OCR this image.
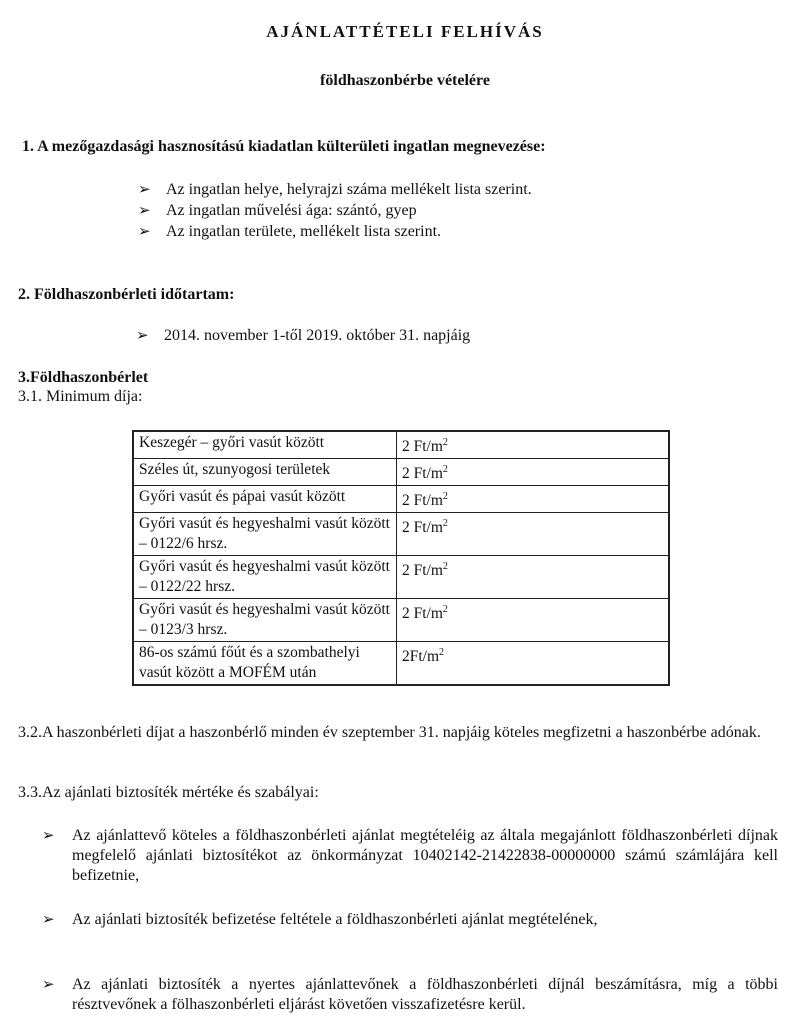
AJÁNLATTÉTELI FELHÍVÁS
földhaszonbérbe vételére
1. A mezőgazdasági hasznosítású kiadatlan külterületi ingatlan megnevezése:
➢ Az ingatlan helye, helyrajzi száma mellékelt lista szerint.
➢ Az ingatlan művelési ága: szántó, gyep
➢ Az ingatlan területe, mellékelt lista szerint.
2. Földhaszonbérleti időtartam:
➢ 2014. november 1-től 2019. október 31. napjáig
3.Földhaszonbérlet
3.1. Minimum díja:
Keszegér – győri vasút között	2 $Ft/m^2$
Széles út, szunyogosi területek	2 $Ft/m^2$
Győri vasút és pápai vasút között	2 $Ft/m^2$
Győri vasút és hegyeshalmi vasút között – 0122/6 hrsz.	2 $Ft/m^2$
Győri vasút és hegyeshalmi vasút között – 0122/22 hrsz.	2 $Ft/m^2$
Győri vasút és hegyeshalmi vasút között – 0123/3 hrsz.	2 $Ft/m^2$
86-os számú főút és a szombathelyi vasút között a MOFÉM után	$2Ft/m^2$
3.2.A haszonbérleti díjat a haszonbérlő minden év szeptember 31. napjáig köteles megfizetni a haszonbérbe adónak.
3.3.Az ajánlati biztosíték mértéke és szabályai:
➢ Az ajánlattevő köteles a földhaszonbérleti ajánlat megtételéig az általa megajánlott földhaszonbérleti díjnak megfelelő ajánlati biztosítékot az önkormányzat 10402142-21422838-00000000 számú számlájára kell befizetnie,
➢ Az ajánlati biztosíték befizetése feltétele a földhaszonbérleti ajánlat megtételének,
➢ Az ajánlati biztosíték a nyertes ajánlattevőnek a földhaszonbérleti díjnál beszámításra, míg a többi résztvevőnek a fölhaszonbérleti eljárást követően visszafizetésre kerül.
